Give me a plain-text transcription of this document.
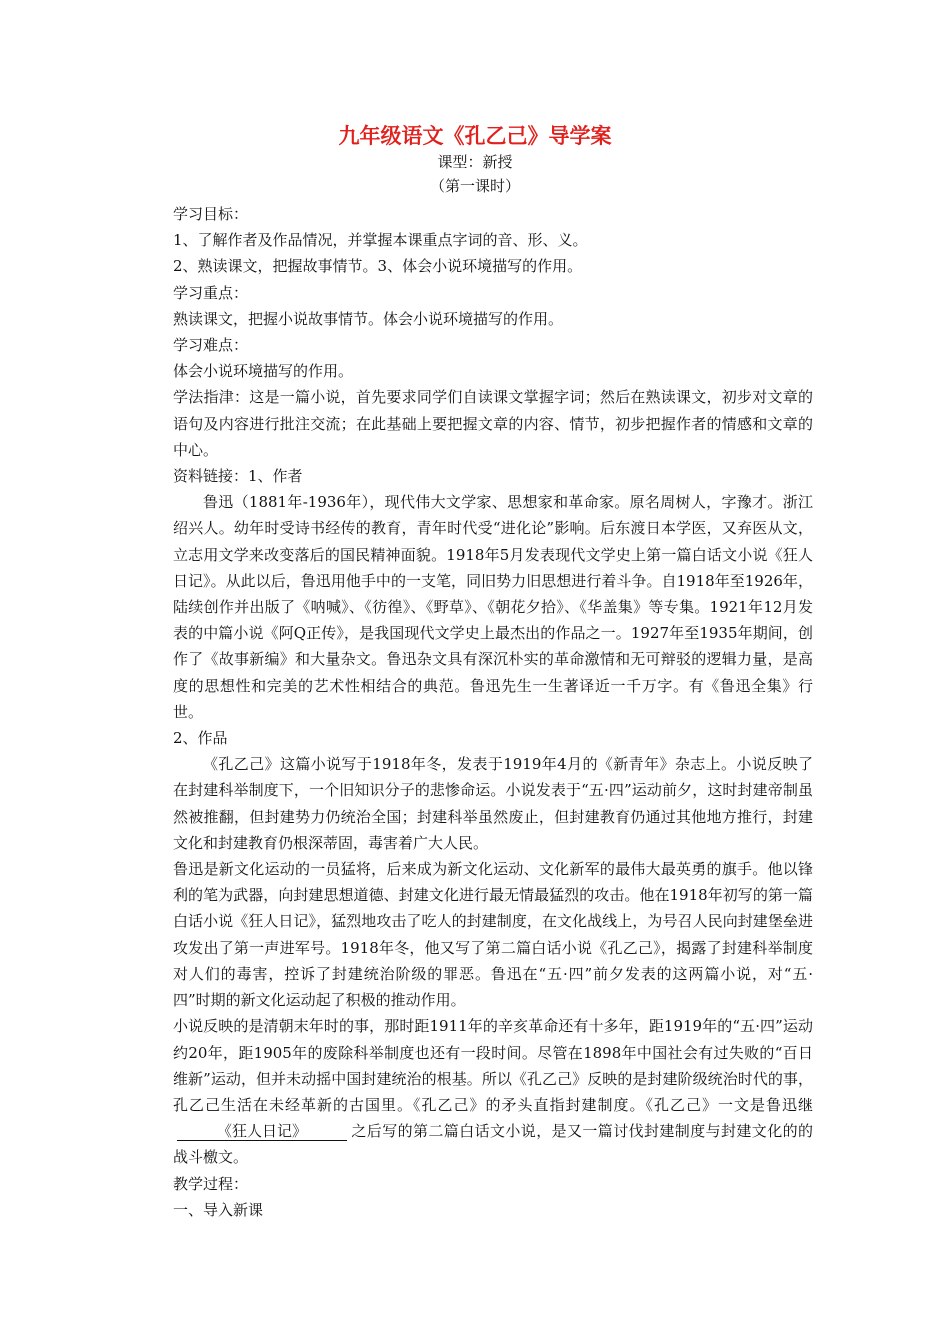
九年级语文《孔乙己》导学案
课型：新授
（第一课时）

学习目标：

1、了解作者及作品情况，并掌握本课重点字词的音、形、义。

2、熟读课文，把握故事情节。3、体会小说环境描写的作用。

学习重点：

熟读课文，把握小说故事情节。体会小说环境描写的作用。

学习难点：

体会小说环境描写的作用。

学法指津：这是一篇小说，首先要求同学们自读课文掌握字词；然后在熟读课文，初步对文章的语句及内容进行批注交流；在此基础上要把握文章的内容、情节，初步把握作者的情感和文章的中心。

资料链接：1、作者

鲁迅（1881年-1936年），现代伟大文学家、思想家和革命家。原名周树人，字豫才。浙江绍兴人。幼年时受诗书经传的教育，青年时代受“进化论”影响。后东渡日本学医，又弃医从文，立志用文学来改变落后的国民精神面貌。1918年5月发表现代文学史上第一篇白话文小说《狂人日记》。从此以后，鲁迅用他手中的一支笔，同旧势力旧思想进行着斗争。自1918年至1926年，陆续创作并出版了《呐喊》、《彷徨》、《野草》、《朝花夕拾》、《华盖集》等专集。1921年12月发表的中篇小说《阿Q正传》，是我国现代文学史上最杰出的作品之一。1927年至1935年期间，创作了《故事新编》和大量杂文。鲁迅杂文具有深沉朴实的革命激情和无可辩驳的逻辑力量，是高度的思想性和完美的艺术性相结合的典范。鲁迅先生一生著译近一千万字。有《鲁迅全集》行世。

2、作品

《孔乙己》这篇小说写于1918年冬，发表于1919年4月的《新青年》杂志上。小说反映了在封建科举制度下，一个旧知识分子的悲惨命运。小说发表于“五·四”运动前夕，这时封建帝制虽然被推翻，但封建势力仍统治全国；封建科举虽然废止，但封建教育仍通过其他地方推行，封建文化和封建教育仍根深蒂固，毒害着广大人民。

鲁迅是新文化运动的一员猛将，后来成为新文化运动、文化新军的最伟大最英勇的旗手。他以锋利的笔为武器，向封建思想道德、封建文化进行最无情最猛烈的攻击。他在1918年初写的第一篇白话小说《狂人日记》，猛烈地攻击了吃人的封建制度，在文化战线上，为号召人民向封建堡垒进攻发出了第一声进军号。1918年冬，他又写了第二篇白话小说《孔乙己》，揭露了封建科举制度对人们的毒害，控诉了封建统治阶级的罪恶。鲁迅在“五·四”前夕发表的这两篇小说，对“五·四”时期的新文化运动起了积极的推动作用。

小说反映的是清朝末年时的事，那时距1911年的辛亥革命还有十多年，距1919年的“五·四”运动约20年，距1905年的废除科举制度也还有一段时间。尽管在1898年中国社会有过失败的“百日维新”运动，但并未动摇中国封建统治的根基。所以《孔乙己》反映的是封建阶级统治时代的事，孔乙己生活在未经革新的古国里。《孔乙己》的矛头直指封建制度。《孔乙己》一文是鲁迅继《狂人日记》	之后写的第二篇白话文小说，是又一篇讨伐封建制度与封建文化的的战斗檄文。

教学过程：

一、导入新课
